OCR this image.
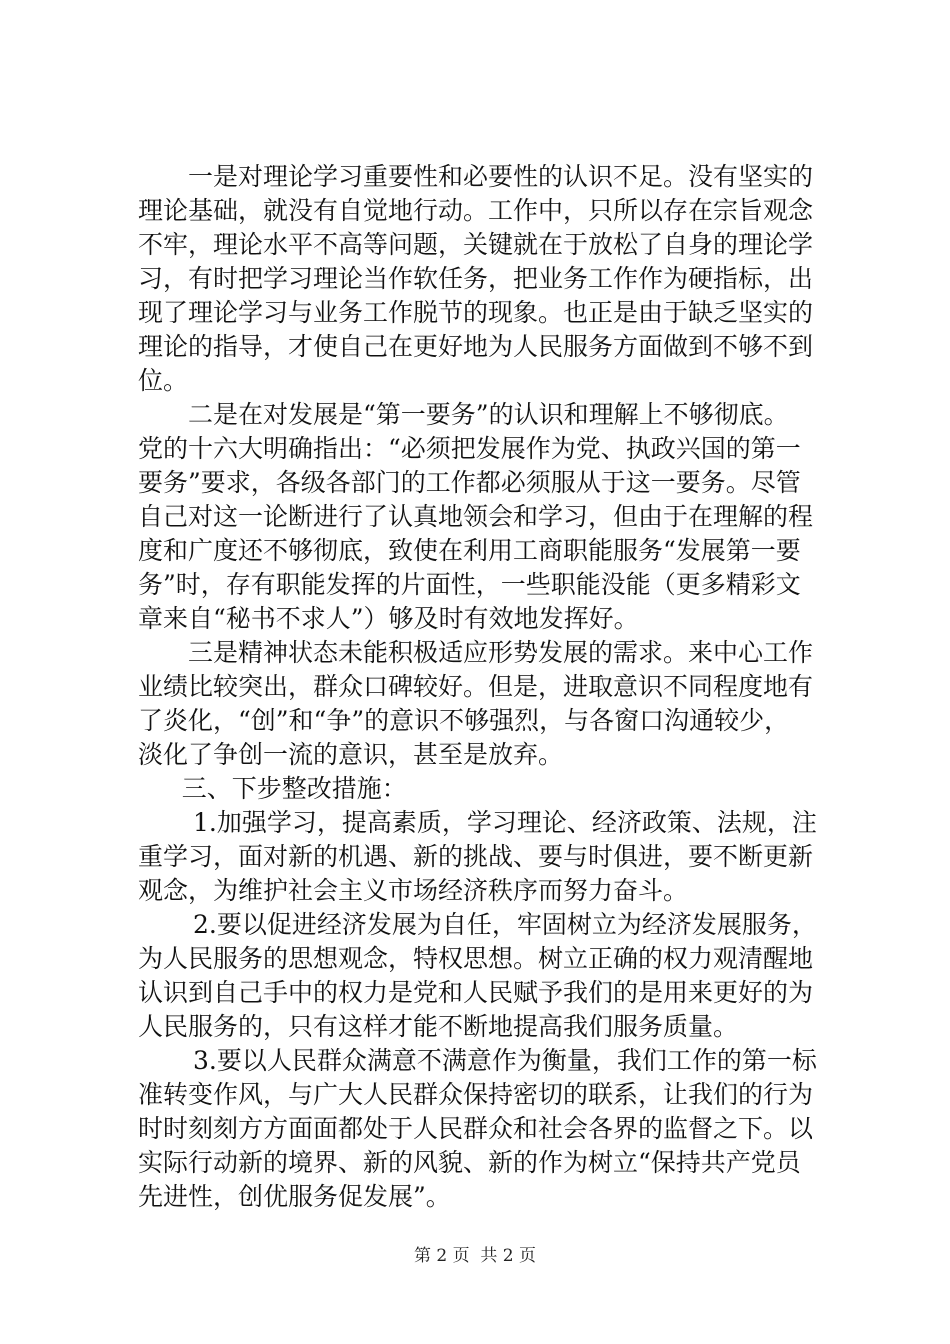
一是对理论学习重要性和必要性的认识不足。没有坚实的
理论基础，就没有自觉地行动。工作中，只所以存在宗旨观念
不牢，理论水平不高等问题，关键就在于放松了自身的理论学
习，有时把学习理论当作软任务，把业务工作作为硬指标，出
现了理论学习与业务工作脱节的现象。也正是由于缺乏坚实的
理论的指导，才使自己在更好地为人民服务方面做到不够不到
位。

二是在对发展是“第一要务”的认识和理解上不够彻底。
党的十六大明确指出：“必须把发展作为党、执政兴国的第一
要务”要求，各级各部门的工作都必须服从于这一要务。尽管
自己对这一论断进行了认真地领会和学习，但由于在理解的程
度和广度还不够彻底，致使在利用工商职能服务“发展第一要
务”时，存有职能发挥的片面性，一些职能没能（更多精彩文
章来自“秘书不求人”）够及时有效地发挥好。

三是精神状态未能积极适应形势发展的需求。来中心工作
业绩比较突出，群众口碑较好。但是，进取意识不同程度地有
了炎化，“创”和“争”的意识不够强烈，与各窗口沟通较少，
淡化了争创一流的意识，甚至是放弃。

三、下步整改措施：

1.加强学习，提高素质，学习理论、经济政策、法规，注
重学习，面对新的机遇、新的挑战、要与时俱进，要不断更新
观念，为维护社会主义市场经济秩序而努力奋斗。

2.要以促进经济发展为自任，牢固树立为经济发展服务，
为人民服务的思想观念，特权思想。树立正确的权力观清醒地
认识到自己手中的权力是党和人民赋予我们的是用来更好的为
人民服务的，只有这样才能不断地提高我们服务质量。

3.要以人民群众满意不满意作为衡量，我们工作的第一标
准转变作风，与广大人民群众保持密切的联系，让我们的行为
时时刻刻方方面面都处于人民群众和社会各界的监督之下。以
实际行动新的境界、新的风貌、新的作为树立“保持共产党员
先进性，创优服务促发展”。

第 2 页  共 2 页
